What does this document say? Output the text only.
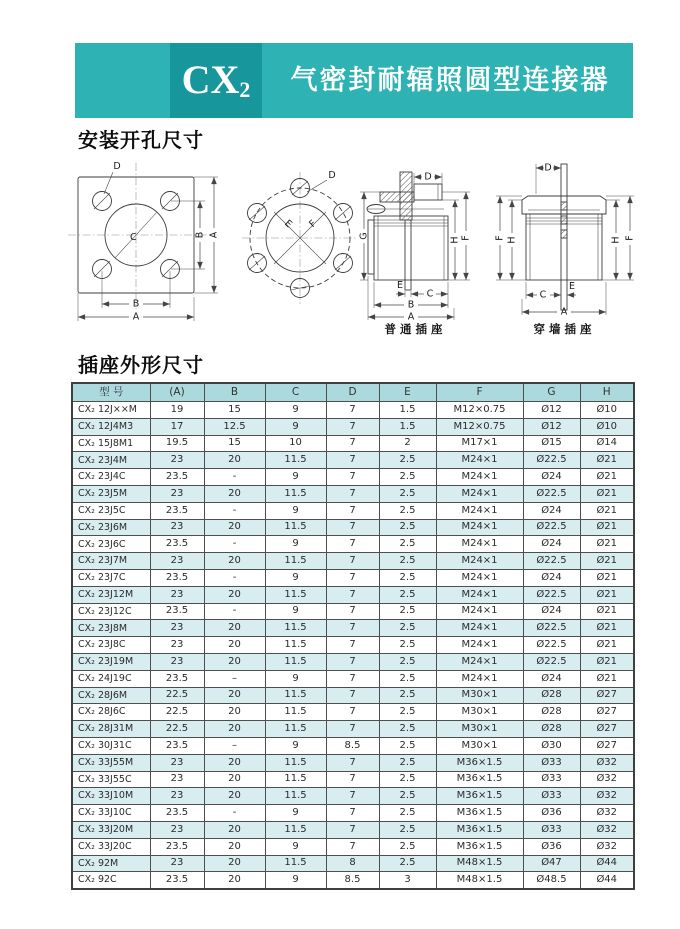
CX2	气密封耐辐照圆型连接器
安装开孔尺寸
D
C	B A
B
A
D
E F
D
G
H F
E
C
B
A
普通插座
D
H
F	H F
C
E
A
穿墙插座
插座外形尺寸
型 号	(A)	B	C	D	E	F	G	H
CX₂ 12J××M	19	15	9	7	1.5	M12×0.75	Ø12	Ø10
CX₂ 12J4M3	17	12.5	9	7	1.5	M12×0.75	Ø12	Ø10
CX₂ 15J8M1	19.5	15	10	7	2	M17×1	Ø15	Ø14
CX₂ 23J4M	23	20	11.5	7	2.5	M24×1	Ø22.5	Ø21
CX₂ 23J4C	23.5	-	9	7	2.5	M24×1	Ø24	Ø21
CX₂ 23J5M	23	20	11.5	7	2.5	M24×1	Ø22.5	Ø21
CX₂ 23J5C	23.5	-	9	7	2.5	M24×1	Ø24	Ø21
CX₂ 23J6M	23	20	11.5	7	2.5	M24×1	Ø22.5	Ø21
CX₂ 23J6C	23.5	-	9	7	2.5	M24×1	Ø24	Ø21
CX₂ 23J7M	23	20	11.5	7	2.5	M24×1	Ø22.5	Ø21
CX₂ 23J7C	23.5	-	9	7	2.5	M24×1	Ø24	Ø21
CX₂ 23J12M	23	20	11.5	7	2.5	M24×1	Ø22.5	Ø21
CX₂ 23J12C	23.5	-	9	7	2.5	M24×1	Ø24	Ø21
CX₂ 23J8M	23	20	11.5	7	2.5	M24×1	Ø22.5	Ø21
CX₂ 23J8C	23	20	11.5	7	2.5	M24×1	Ø22.5	Ø21
CX₂ 23J19M	23	20	11.5	7	2.5	M24×1	Ø22.5	Ø21
CX₂ 24J19C	23.5	–	9	7	2.5	M24×1	Ø24	Ø21
CX₂ 28J6M	22.5	20	11.5	7	2.5	M30×1	Ø28	Ø27
CX₂ 28J6C	22.5	20	11.5	7	2.5	M30×1	Ø28	Ø27
CX₂ 28J31M	22.5	20	11.5	7	2.5	M30×1	Ø28	Ø27
CX₂ 30J31C	23.5	–	9	8.5	2.5	M30×1	Ø30	Ø27
CX₂ 33J55M	23	20	11.5	7	2.5	M36×1.5	Ø33	Ø32
CX₂ 33J55C	23	20	11.5	7	2.5	M36×1.5	Ø33	Ø32
CX₂ 33J10M	23	20	11.5	7	2.5	M36×1.5	Ø33	Ø32
CX₂ 33J10C	23.5	-	9	7	2.5	M36×1.5	Ø36	Ø32
CX₂ 33J20M	23	20	11.5	7	2.5	M36×1.5	Ø33	Ø32
CX₂ 33J20C	23.5	20	9	7	2.5	M36×1.5	Ø36	Ø32
CX₂ 92M	23	20	11.5	8	2.5	M48×1.5	Ø47	Ø44
CX₂ 92C	23.5	20	9	8.5	3	M48×1.5	Ø48.5	Ø44
